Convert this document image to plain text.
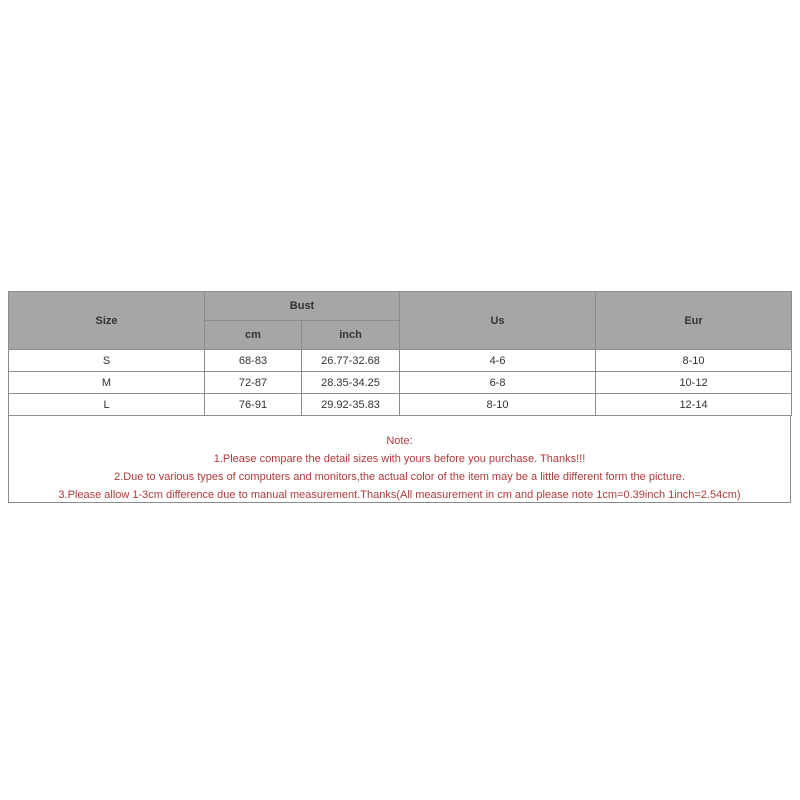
Size	Bust		Us	Eur
	cm	inch		
S	68-83	26.77-32.68	4-6	8-10
M	72-87	28.35-34.25	6-8	10-12
L	76-91	29.92-35.83	8-10	12-14
Note:
1.Please compare the detail sizes with yours before you purchase. Thanks!!!
2.Due to various types of computers and monitors,the actual color of the item may be a little different form the picture.
3.Please allow 1-3cm difference due to manual measurement.Thanks(All measurement in cm and please note 1cm=0.39inch 1inch=2.54cm)
